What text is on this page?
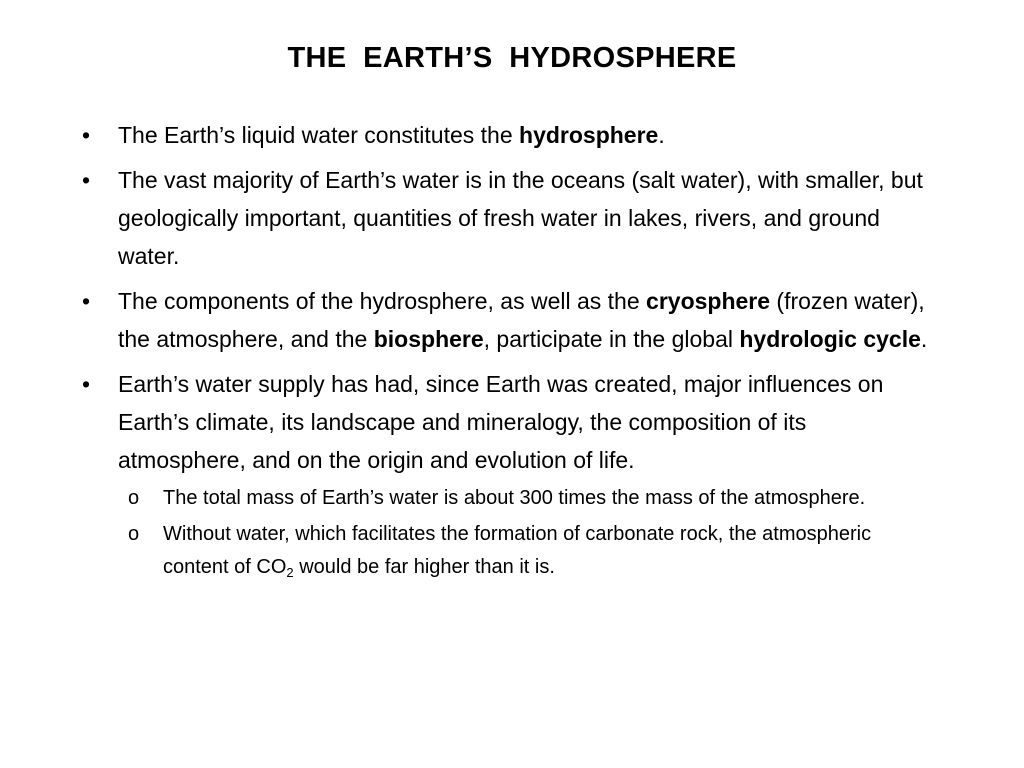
THE  EARTH’S  HYDROSPHERE
• The Earth’s liquid water constitutes the hydrosphere.
• The vast majority of Earth’s water is in the oceans (salt water), with smaller, but geologically important, quantities of fresh water in lakes, rivers, and ground water.
• The components of the hydrosphere, as well as the cryosphere (frozen water), the atmosphere, and the biosphere, participate in the global hydrologic cycle.
• Earth’s water supply has had, since Earth was created, major influences on Earth’s climate, its landscape and mineralogy, the composition of its atmosphere, and on the origin and evolution of life.
o The total mass of Earth’s water is about 300 times the mass of the atmosphere.
o Without water, which facilitates the formation of carbonate rock, the atmospheric content of $CO_2$ would be far higher than it is.
